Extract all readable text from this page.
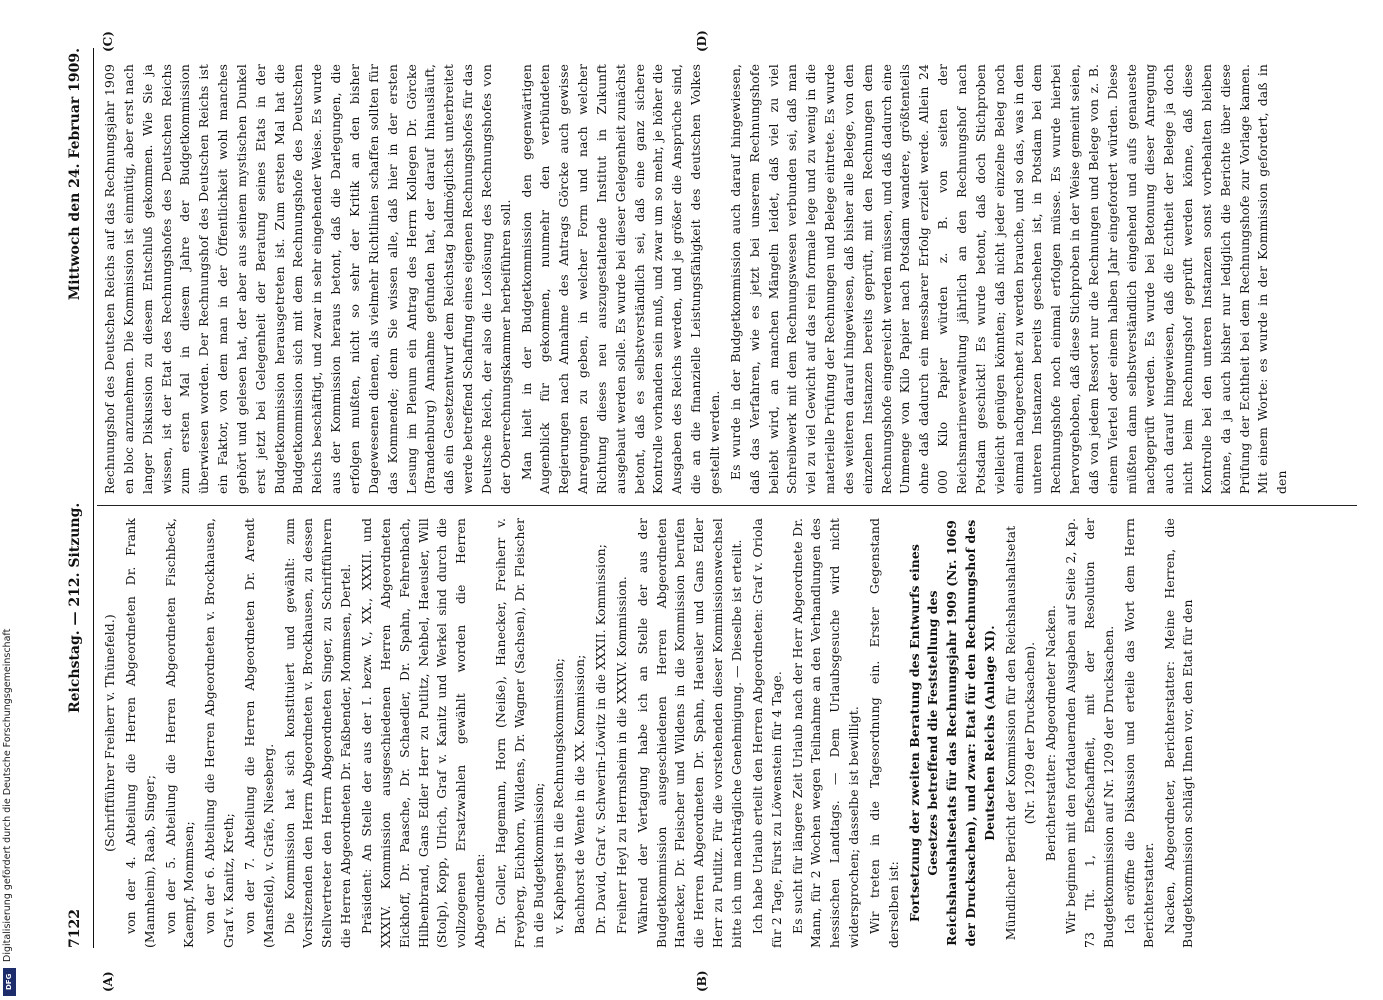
7122
Reichstag. — 212. Sitzung.
Mittwoch den 24. Februar 1909.
(A)	(B)
(C)	(D)

(Schriftführer Freiherr v. Thünefeld.) von der 4. Abteilung die Herren Abgeordneten Dr. Frank (Mannheim), Raab, Singer; von der 5. Abteilung die Herren Abgeordneten Fischbeck, Kaempf, Mommsen; von der 6. Abteilung die Herren Abgeordneten v. Brockhausen, Graf v. Kanitz, Kreth; von der 7. Abteilung die Herren Abgeordneten Dr. Arendt (Mansfeld), v. Gräfe, Nieseberg. Die Kommission hat sich konstituiert und gewählt: zum Vorsitzenden den Herrn Abgeordneten v. Brockhausen, zu dessen Stellvertreter den Herrn Abgeordneten Singer, zu Schriftführern die Herren Abgeordneten Dr. Faßbender, Mommsen, Dertel. Präsident: An Stelle der aus der I. bezw. V., XX., XXXII. und XXXIV. Kommission ausgeschiedenen Herren Abgeordneten Eickhoff, Dr. Paasche, Dr. Schaedler, Dr. Spahn, Fehrenbach, Hilbenbrand, Gans Edler Herr zu Putlitz, Nehbel, Haeusler, Will (Stolp), Kopp, Ulrich, Graf v. Kanitz und Werkel sind durch die vollzogenen Ersatzwahlen gewählt worden die Herren Abgeordneten: Dr. Goller, Hagemann, Horn (Neiße), Hanecker, Freiherr v. Freyberg, Eichhorn, Wildens, Dr. Wagner (Sachsen), Dr. Fleischer in die Budgetkommission; v. Kaphengst in die Rechnungskommission; Bachhorst de Wente in die XX. Kommission; Dr. David, Graf v. Schwerin-Löwitz in die XXXII. Kommission; Freiherr Heyl zu Herrnsheim in die XXXIV. Kommission. Während der Vertagung habe ich an Stelle der aus der Budgetkommission ausgeschiedenen Herren Abgeordneten Hanecker, Dr. Fleischer und Wildens in die Kommission berufen die Herren Abgeordneten Dr. Spahn, Haeusler und Gans Edler Herr zu Putlitz. Für die vorstehenden dieser Kommissionswechsel bitte ich um nachträgliche Genehmigung. — Dieselbe ist erteilt. Ich habe Urlaub erteilt den Herren Abgeordneten: Graf v. Oriola für 2 Tage, Fürst zu Löwenstein für 4 Tage. Es sucht für längere Zeit Urlaub nach der Herr Abgeordnete Dr. Mann, für 2 Wochen wegen Teilnahme an den Verhandlungen des hessischen Landtags. — Dem Urlaubsgesuche wird nicht widersprochen; dasselbe ist bewilligt. Wir treten in die Tagesordnung ein. Erster Gegenstand derselben ist: Fortsetzung der zweiten Beratung des Entwurfs eines Gesetzes betreffend die Feststellung des Reichshaushaltsetats für das Rechnungsjahr 1909 (Nr. 1069 der Drucksachen), und zwar: Etat für den Rechnungshof des Deutschen Reichs (Anlage XI). Mündlicher Bericht der Kommission für den Reichshaushaltsetat (Nr. 1209 der Drucksachen). Berichterstatter: Abgeordneter Nacken. Wir beginnen mit den fortdauernden Ausgaben auf Seite 2, Kap. 73 Tit. 1, Ehefschaffheit, mit der Resolution der Budgetkommission auf Nr. 1209 der Drucksachen. Ich eröffne die Diskussion und erteile das Wort dem Herrn Berichterstatter. Nacken, Abgeordneter, Berichterstatter: Meine Herren, die Budgetkommission schlägt Ihnen vor, den Etat für den

Rechnungshof des Deutschen Reichs auf das Rechnungsjahr 1909 en bloc anzunehmen. Die Kommission ist einmütig, aber erst nach langer Diskussion zu diesem Entschluß gekommen. Wie Sie ja wissen, ist der Etat des Rechnungshofes des Deutschen Reichs zum ersten Mal in diesem Jahre der Budgetkommission überwiesen worden. Der Rechnungshof des Deutschen Reichs ist ein Faktor, von dem man in der Öffentlichkeit wohl manches gehört und gelesen hat, der aber aus seinem mystischen Dunkel erst jetzt bei Gelegenheit der Beratung seines Etats in der Budgetkommission herausgetreten ist. Zum ersten Mal hat die Budgetkommission sich mit dem Rechnungshofe des Deutschen Reichs beschäftigt, und zwar in sehr eingehender Weise. Es wurde aus der Kommission heraus betont, daß die Darlegungen, die erfolgen mußten, nicht so sehr der Kritik an den bisher Dagewesenen dienen, als vielmehr Richtlinien schaffen sollten für das Kommende; denn Sie wissen alle, daß hier in der ersten Lesung im Plenum ein Antrag des Herrn Kollegen Dr. Görcke (Brandenburg) Annahme gefunden hat, der darauf hinausläuft, daß ein Gesetzentwurf dem Reichstag baldmöglichst unterbreitet werde betreffend Schaffung eines eigenen Rechnungshofes für das Deutsche Reich, der also die Loslösung des Rechnungshofes von der Oberrechnungskammer herbeiführen soll. Man hielt in der Budgetkommission den gegenwärtigen Augenblick für gekommen, nunmehr den verbündeten Regierungen nach Annahme des Antrags Görcke auch gewisse Anregungen zu geben, in welcher Form und nach welcher Richtung dieses neu auszugestaltende Institut in Zukunft ausgebaut werden solle. Es wurde bei dieser Gelegenheit zunächst betont, daß es selbstverständlich sei, daß eine ganz sichere Kontrolle vorhanden sein muß, und zwar um so mehr, je höher die Ausgaben des Reichs werden, und je größer die Ansprüche sind, die an die finanzielle Leistungsfähigkeit des deutschen Volkes gestellt werden. Es wurde in der Budgetkommission auch darauf hingewiesen, daß das Verfahren, wie es jetzt bei unserem Rechnungshofe beliebt wird, an manchen Mängeln leidet, daß viel zu viel Schreibwerk mit dem Rechnungswesen verbunden sei, daß man viel zu viel Gewicht auf das rein formale lege und zu wenig in die materielle Prüfung der Rechnungen und Belege eintrete. Es wurde des weiteren darauf hingewiesen, daß bisher alle Belege, von den einzelnen Instanzen bereits geprüft, mit den Rechnungen dem Rechnungshofe eingereicht werden müssen, und daß dadurch eine Unmenge von Kilo Papier nach Potsdam wandere, größtenteils ohne daß dadurch ein messbarer Erfolg erzielt werde. Allein 24 000 Kilo Papier würden z. B. von seiten der Reichsmarineverwaltung jährlich an den Rechnungshof nach Potsdam geschickt! Es wurde betont, daß doch Stichproben vielleicht genügen könnten; daß nicht jeder einzelne Beleg noch einmal nachgerechnet zu werden brauche, und so das, was in den unteren Instanzen bereits geschehen ist, in Potsdam bei dem Rechnungshofe noch einmal erfolgen müsse. Es wurde hierbei hervorgehoben, daß diese Stichproben in der Weise gemeint seien, daß von jedem Ressort nur die Rechnungen und Belege von z. B. einem Viertel oder einem halben Jahr eingefordert würden. Diese müßten dann selbstverständlich eingehend und aufs genaueste nachgeprüft werden. Es wurde bei Betonung dieser Anregung auch darauf hingewiesen, daß die Echtheit der Belege ja doch nicht beim Rechnungshof geprüft werden könne, daß diese Kontrolle bei den unteren Instanzen sonst vorbehalten bleiben könne, da ja auch bisher nur lediglich die Berichte über diese Prüfung der Echtheit bei dem Rechnungshofe zur Vorlage kamen. Mit einem Worte: es wurde in der Kommission gefordert, daß in den

Digitalisierung gefördert durch die Deutsche Forschungsgemeinschaft
DFG
